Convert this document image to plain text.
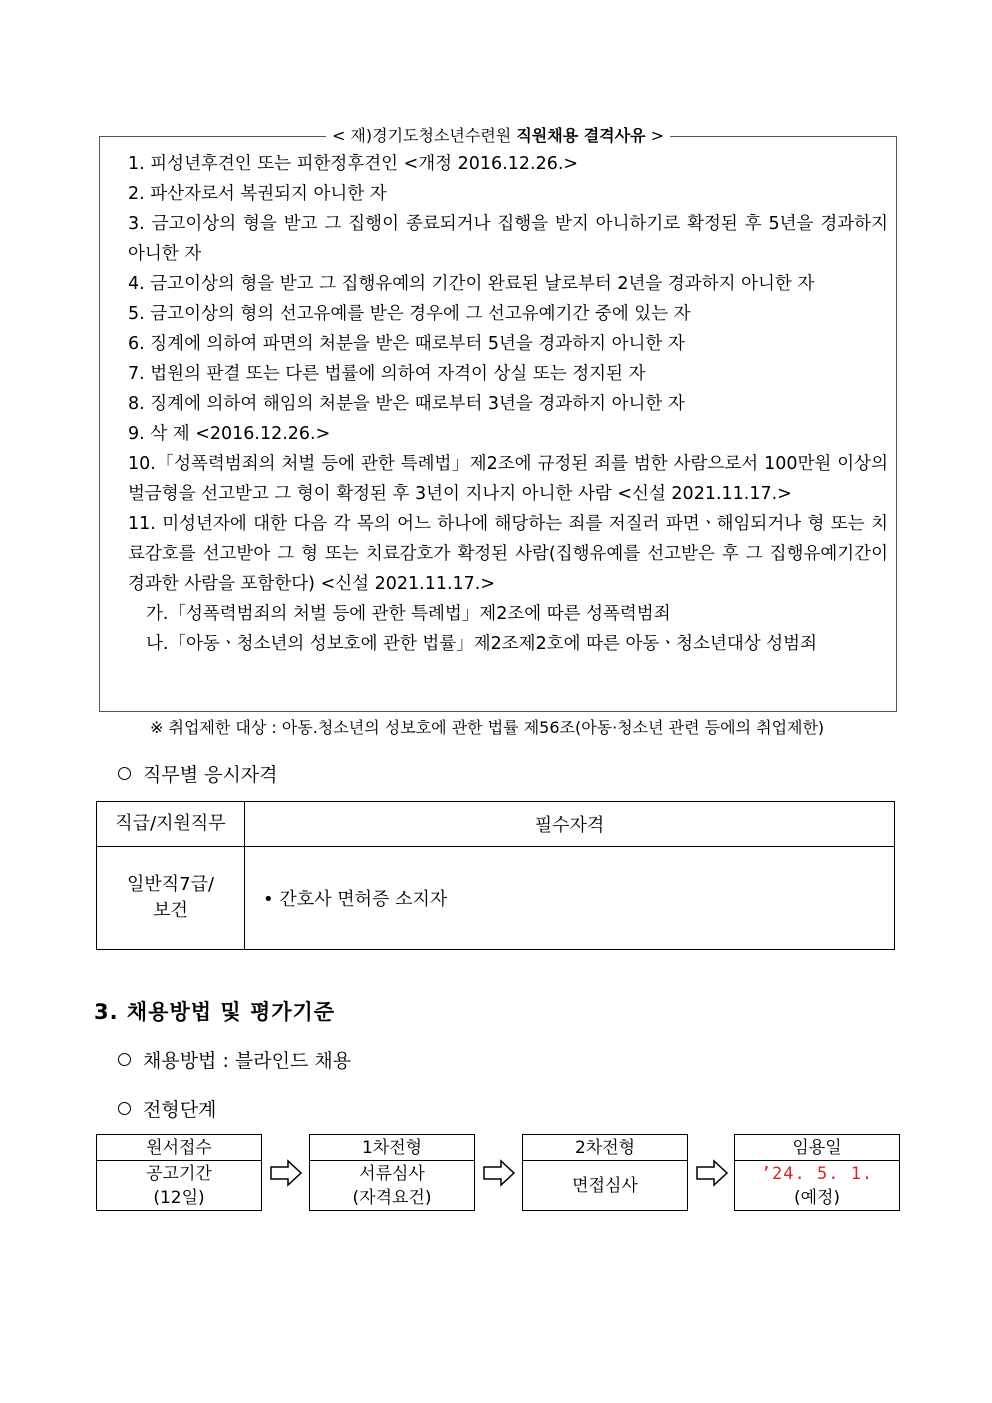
< 재)경기도청소년수련원 직원채용 결격사유 >

1. 피성년후견인 또는 피한정후견인 <개정 2016.12.26.>

2. 파산자로서 복권되지 아니한 자

3. 금고이상의 형을 받고 그 집행이 종료되거나 집행을 받지 아니하기로 확정된 후 5년을 경과하지 아니한 자

4. 금고이상의 형을 받고 그 집행유예의 기간이 완료된 날로부터 2년을 경과하지 아니한 자

5. 금고이상의 형의 선고유예를 받은 경우에 그 선고유예기간 중에 있는 자

6. 징계에 의하여 파면의 처분을 받은 때로부터 5년을 경과하지 아니한 자

7. 법원의 판결 또는 다른 법률에 의하여 자격이 상실 또는 정지된 자

8. 징계에 의하여 해임의 처분을 받은 때로부터 3년을 경과하지 아니한 자

9. 삭 제 <2016.12.26.>

10.「성폭력범죄의 처벌 등에 관한 특례법」제2조에 규정된 죄를 범한 사람으로서 100만원 이상의 벌금형을 선고받고 그 형이 확정된 후 3년이 지나지 아니한 사람 <신설 2021.11.17.>

11. 미성년자에 대한 다음 각 목의 어느 하나에 해당하는 죄를 저질러 파면ㆍ해임되거나 형 또는 치료감호를 선고받아 그 형 또는 치료감호가 확정된 사람(집행유예를 선고받은 후 그 집행유예기간이 경과한 사람을 포함한다) <신설 2021.11.17.>

가.「성폭력범죄의 처벌 등에 관한 특례법」제2조에 따른 성폭력범죄

나.「아동ㆍ청소년의 성보호에 관한 법률」제2조제2호에 따른 아동ㆍ청소년대상 성범죄

※ 취업제한 대상 : 아동.청소년의 성보호에 관한 법률 제56조(아동·청소년 관련 등에의 취업제한)
직무별 응시자격
직급/지원직무	필수자격

일반직7급/
보건	• 간호사 면허증 소지자
3. 채용방법 및 평가기준
채용방법 : 블라인드 채용
전형단계
원서접수
공고기간
(12일)
1차전형
서류심사
(자격요건)
2차전형
면접심사
임용일
’24. 5. 1.
(예정)
